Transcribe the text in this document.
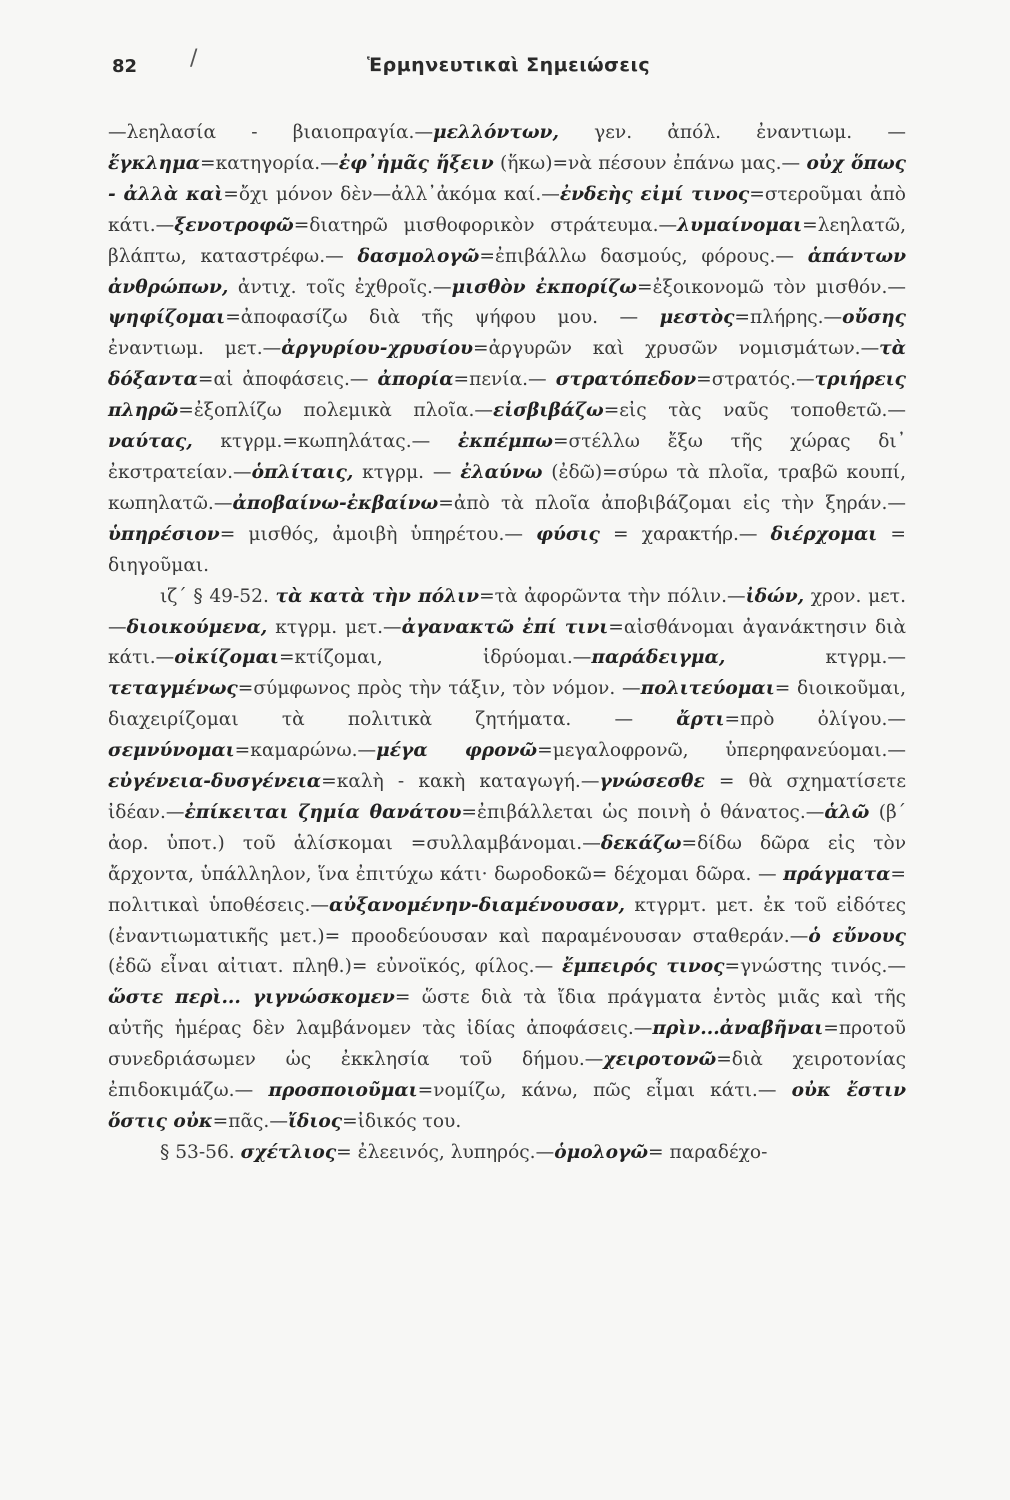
82 /	Ἑρμηνευτικαὶ Σημειώσεις

—λεηλασία - βιαιοπραγία.—μελλόντων, γεν. ἀπόλ. ἐναντιωμ. — ἔγκλημα=κατηγορία.—ἐφ᾽ἡμᾶς ἥξειν (ἥκω)=νὰ πέσουν ἐπάνω μας.— οὐχ ὅπως - ἀλλὰ καὶ=ὄχι μόνον δὲν—ἀλλ᾽ἀκόμα καί.—ἐνδεὴς εἰμί τινος=στεροῦμαι ἀπὸ κάτι.—ξενοτροφῶ=διατηρῶ μισθοφορικὸν στράτευμα.—λυμαίνομαι=λεηλατῶ, βλάπτω, καταστρέφω.— δασμολογῶ=ἐπιβάλλω δασμούς, φόρους.— ἁπάντων ἀνθρώπων, ἀντιχ. τοῖς ἐχθροῖς.—μισθὸν ἐκπορίζω=ἐξοικονομῶ τὸν μισθόν.— ψηφίζομαι=ἀποφασίζω διὰ τῆς ψήφου μου. — μεστὸς=πλήρης.—οὔσης ἐναντιωμ. μετ.—ἀργυρίου-χρυσίου=ἀργυρῶν καὶ χρυσῶν νομισμάτων.—τὰ δόξαντα=αἱ ἀποφάσεις.— ἀπορία=πενία.— στρατόπεδον=στρατός.—τριήρεις πληρῶ=ἐξοπλίζω πολεμικὰ πλοῖα.—εἰσβιβάζω=εἰς τὰς ναῦς τοποθετῶ.—ναύτας, κτγρμ.=κωπηλάτας.— ἐκπέμπω=στέλλω ἔξω τῆς χώρας δι᾽ ἐκστρατείαν.—ὁπλίταις, κτγρμ. — ἐλαύνω (ἐδῶ)=σύρω τὰ πλοῖα, τραβῶ κουπί, κωπηλατῶ.—ἀποβαίνω-ἐκβαίνω=ἀπὸ τὰ πλοῖα ἀποβιβάζομαι εἰς τὴν ξηράν.—ὑπηρέσιον= μισθός, ἀμοιβὴ ὑπηρέτου.— φύσις = χαρακτήρ.— διέρχομαι = διηγοῦμαι.

ιζ´ § 49-52. τὰ κατὰ τὴν πόλιν=τὰ ἀφορῶντα τὴν πόλιν.—ἰδών, χρον. μετ.—διοικούμενα, κτγρμ. μετ.—ἀγανακτῶ ἐπί τινι=αἰσθάνομαι ἀγανάκτησιν διὰ κάτι.—οἰκίζομαι=κτίζομαι, ἱδρύομαι.—παράδειγμα, κτγρμ.—τεταγμένως=σύμφωνος πρὸς τὴν τάξιν, τὸν νόμον. —πολιτεύομαι= διοικοῦμαι, διαχειρίζομαι τὰ πολιτικὰ ζητήματα. — ἄρτι=πρὸ ὀλίγου.—σεμνύνομαι=καμαρώνω.—μέγα φρονῶ=μεγαλοφρονῶ, ὑπερηφανεύομαι.—εὐγένεια-δυσγένεια=καλὴ - κακὴ καταγωγή.—γνώσεσθε = θὰ σχηματίσετε ἰδέαν.—ἐπίκειται ζημία θανάτου=ἐπιβάλλεται ὡς ποινὴ ὁ θάνατος.—ἁλῶ (β´ ἀορ. ὑποτ.) τοῦ ἁλίσκομαι =συλλαμβάνομαι.—δεκάζω=δίδω δῶρα εἰς τὸν ἄρχοντα, ὑπάλληλον, ἵνα ἐπιτύχω κάτι· δωροδοκῶ= δέχομαι δῶρα. — πράγματα= πολιτικαὶ ὑποθέσεις.—αὐξανομένην-διαμένουσαν, κτγρμτ. μετ. ἐκ τοῦ εἰδότες (ἐναντιωματικῆς μετ.)= προοδεύουσαν καὶ παραμένουσαν σταθεράν.—ὁ εὔνους (ἐδῶ εἶναι αἰτιατ. πληθ.)= εὐνοϊκός, φίλος.— ἔμπειρός τινος=γνώστης τινός.—ὥστε περὶ... γιγνώσκομεν= ὥστε διὰ τὰ ἴδια πράγματα ἐντὸς μιᾶς καὶ τῆς αὐτῆς ἡμέρας δὲν λαμβάνομεν τὰς ἰδίας ἀποφάσεις.—πρὶν...ἀναβῆναι=προτοῦ συνεδριάσωμεν ὡς ἐκκλησία τοῦ δήμου.—χειροτονῶ=διὰ χειροτονίας ἐπιδοκιμάζω.— προσποιοῦμαι=νομίζω, κάνω, πῶς εἶμαι κάτι.— οὐκ ἔστιν ὅστις οὐκ=πᾶς.—ἴδιος=ἰδικός του.

§ 53-56. σχέτλιος= ἐλεεινός, λυπηρός.—ὁμολογῶ= παραδέχο-
